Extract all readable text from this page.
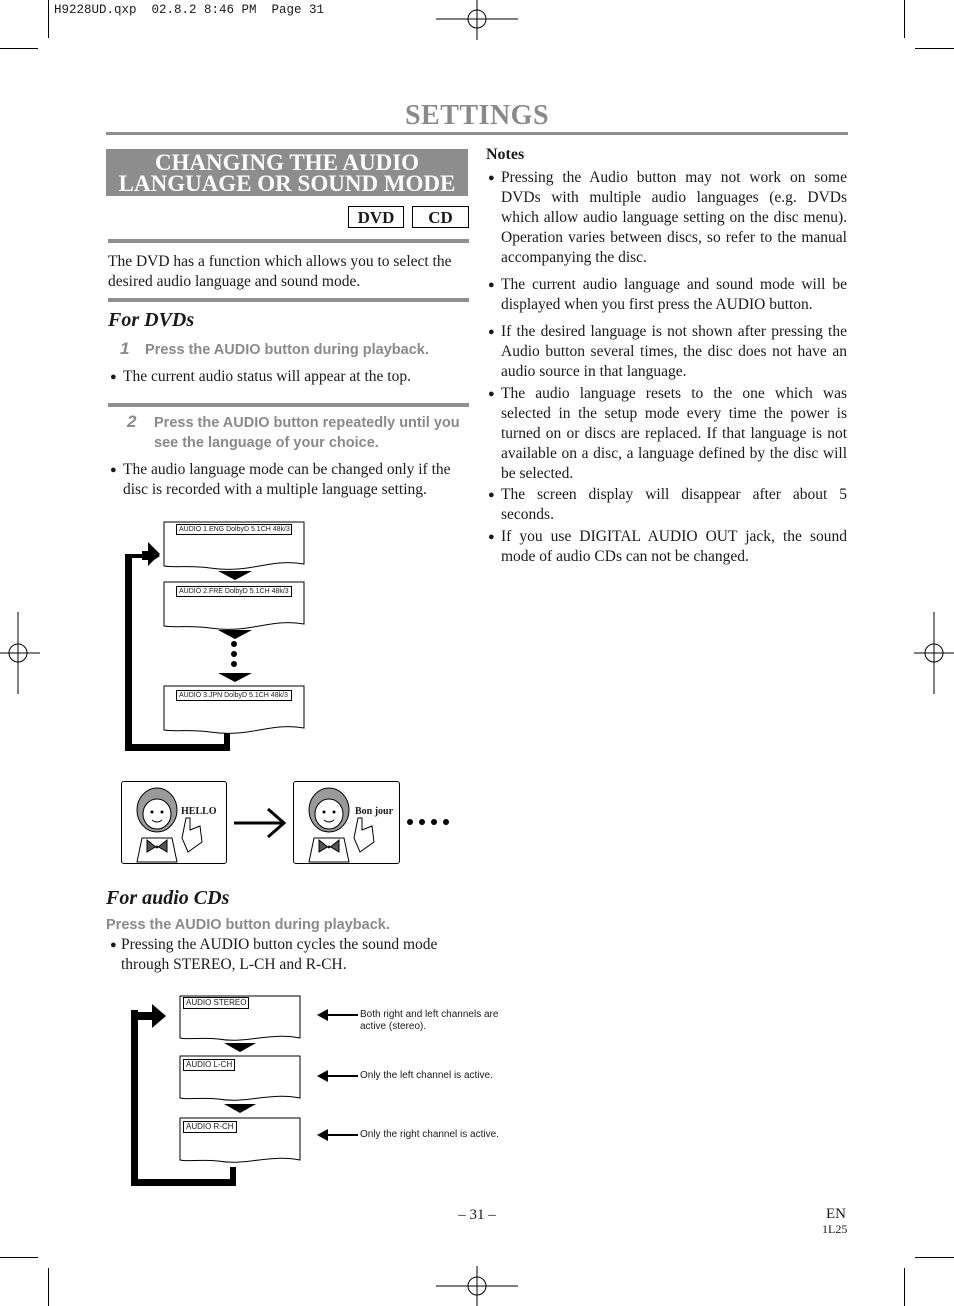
H9228UD.qxp  02.8.2 8:46 PM  Page 31
SETTINGS
CHANGING THE AUDIO
LANGUAGE OR SOUND MODE
DVD	CD
The DVD has a function which allows you to select the desired audio language and sound mode.
For DVDs
1 Press the AUDIO button during playback.
● The current audio status will appear at the top.
2 Press the AUDIO button repeatedly until you see the language of your choice.
● The audio language mode can be changed only if the disc is recorded with a multiple language setting.
AUDIO 1.ENG DolbyD 5.1CH 48k/3
AUDIO 2.FRE DolbyD 5.1CH 48k/3
AUDIO 3.JPN DolbyD 5.1CH 48k/3
HELLO	Bon jour
For audio CDs
Press the AUDIO button during playback.
● Pressing the AUDIO button cycles the sound mode through STEREO, L-CH and R-CH.
AUDIO STEREO
AUDIO L-CH
AUDIO R-CH
Both right and left channels are active (stereo).
Only the left channel is active.
Only the right channel is active.
Notes
● Pressing the Audio button may not work on some DVDs with multiple audio languages (e.g. DVDs which allow audio language setting on the disc menu). Operation varies between discs, so refer to the manual accompanying the disc.
● The current audio language and sound mode will be displayed when you first press the AUDIO button.
● If the desired language is not shown after pressing the Audio button several times, the disc does not have an audio source in that language.
● The audio language resets to the one which was selected in the setup mode every time the power is turned on or discs are replaced. If that language is not available on a disc, a language defined by the disc will be selected.
● The screen display will disappear after about 5 seconds.
● If you use DIGITAL AUDIO OUT jack, the sound mode of audio CDs can not be changed.
– 31 –	EN
1L25
